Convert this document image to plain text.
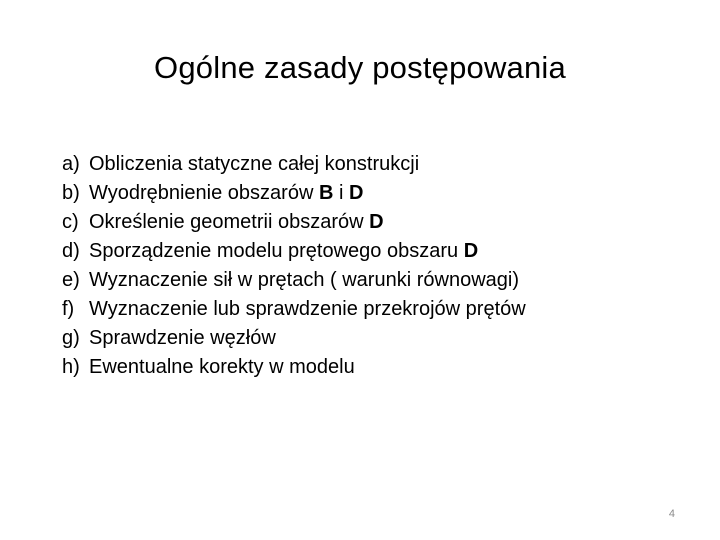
Ogólne zasady postępowania
a) Obliczenia statyczne całej konstrukcji
b) Wyodrębnienie obszarów B i D
c) Określenie geometrii obszarów D
d) Sporządzenie modelu prętowego obszaru D
e) Wyznaczenie sił w prętach ( warunki równowagi)
f) Wyznaczenie lub sprawdzenie przekrojów prętów
g) Sprawdzenie węzłów
h) Ewentualne korekty w modelu
4
